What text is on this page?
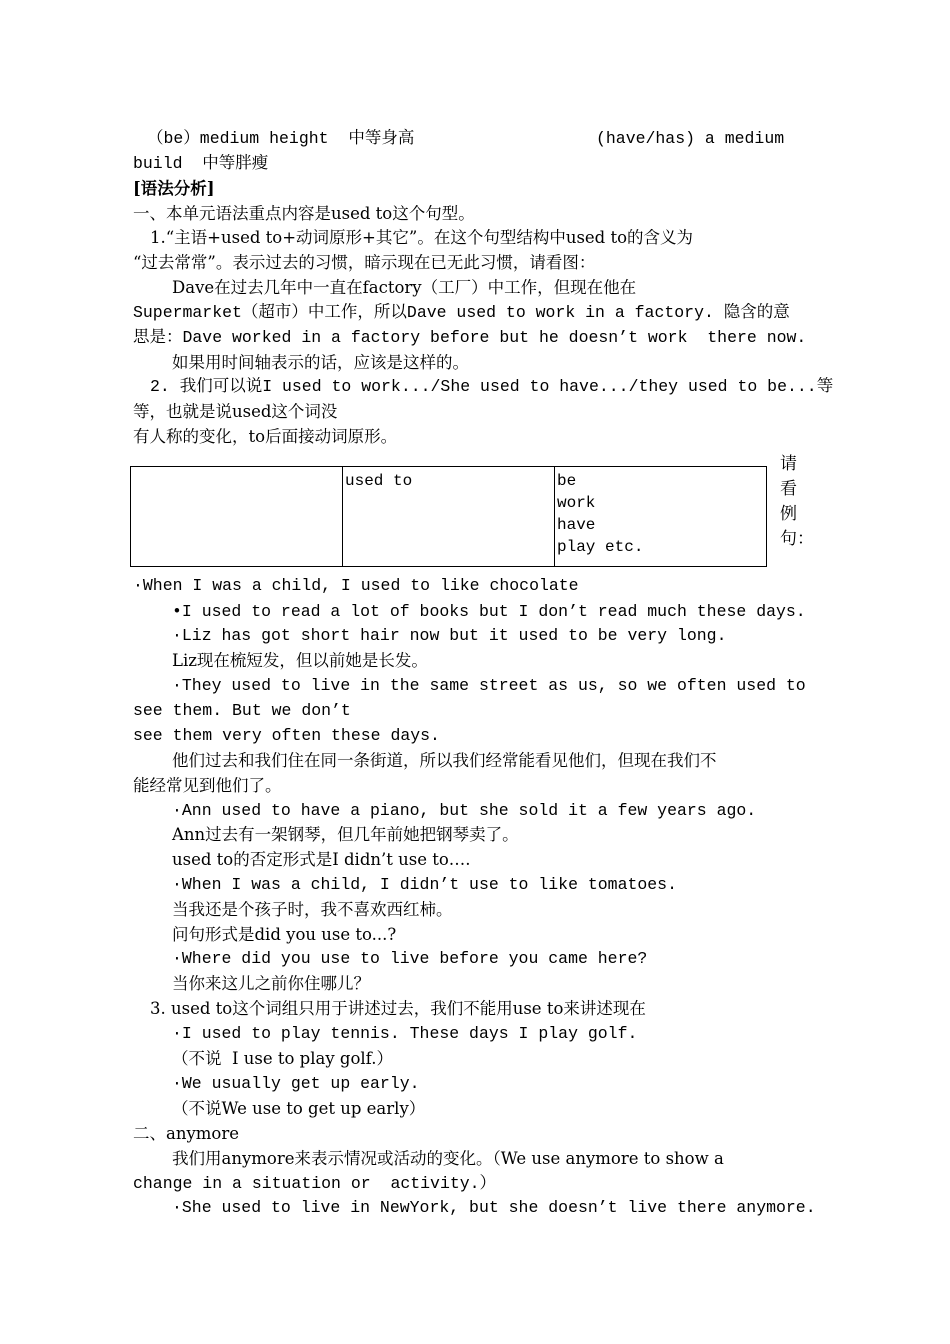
（be）medium height  中等身高	(have/has) a medium
build  中等胖瘦
[语法分析]
一、本单元语法重点内容是used to这个句型。
1.“主语+used to+动词原形+其它”。在这个句型结构中used to的含义为
“过去常常”。表示过去的习惯，暗示现在已无此习惯，请看图：
Dave在过去几年中一直在factory（工厂）中工作，但现在他在
Supermarket（超市）中工作，所以Dave used to work in a factory. 隐含的意
思是：Dave worked in a factory before but he doesn’t work  there now.
如果用时间轴表示的话，应该是这样的。
2. 我们可以说I used to work.../She used to have.../they used to be...等
等，也就是说used这个词没
有人称的变化，to后面接动词原形。
	used to	be
work
have
play etc.
请
看
例
句：
·When I was a child, I used to like chocolate
•I used to read a lot of books but I don’t read much these days.
·Liz has got short hair now but it used to be very long.
Liz现在梳短发，但以前她是长发。
·They used to live in the same street as us, so we often used to
see them. But we don’t
see them very often these days.
他们过去和我们住在同一条街道，所以我们经常能看见他们，但现在我们不
能经常见到他们了。
·Ann used to have a piano, but she sold it a few years ago.
Ann过去有一架钢琴，但几年前她把钢琴卖了。
used to的否定形式是I didn’t use to….
·When I was a child, I didn’t use to like tomatoes.
当我还是个孩子时，我不喜欢西红柿。
问句形式是did you use to...?
·Where did you use to live before you came here?
当你来这儿之前你住哪儿？
3. used to这个词组只用于讲述过去，我们不能用use to来讲述现在
·I used to play tennis. These days I play golf.
（不说  I use to play golf.）
·We usually get up early.
（不说We use to get up early）
二、anymore
我们用anymore来表示情况或活动的变化。（We use anymore to show a
change in a situation or  activity.）
·She used to live in NewYork, but she doesn’t live there anymore.
